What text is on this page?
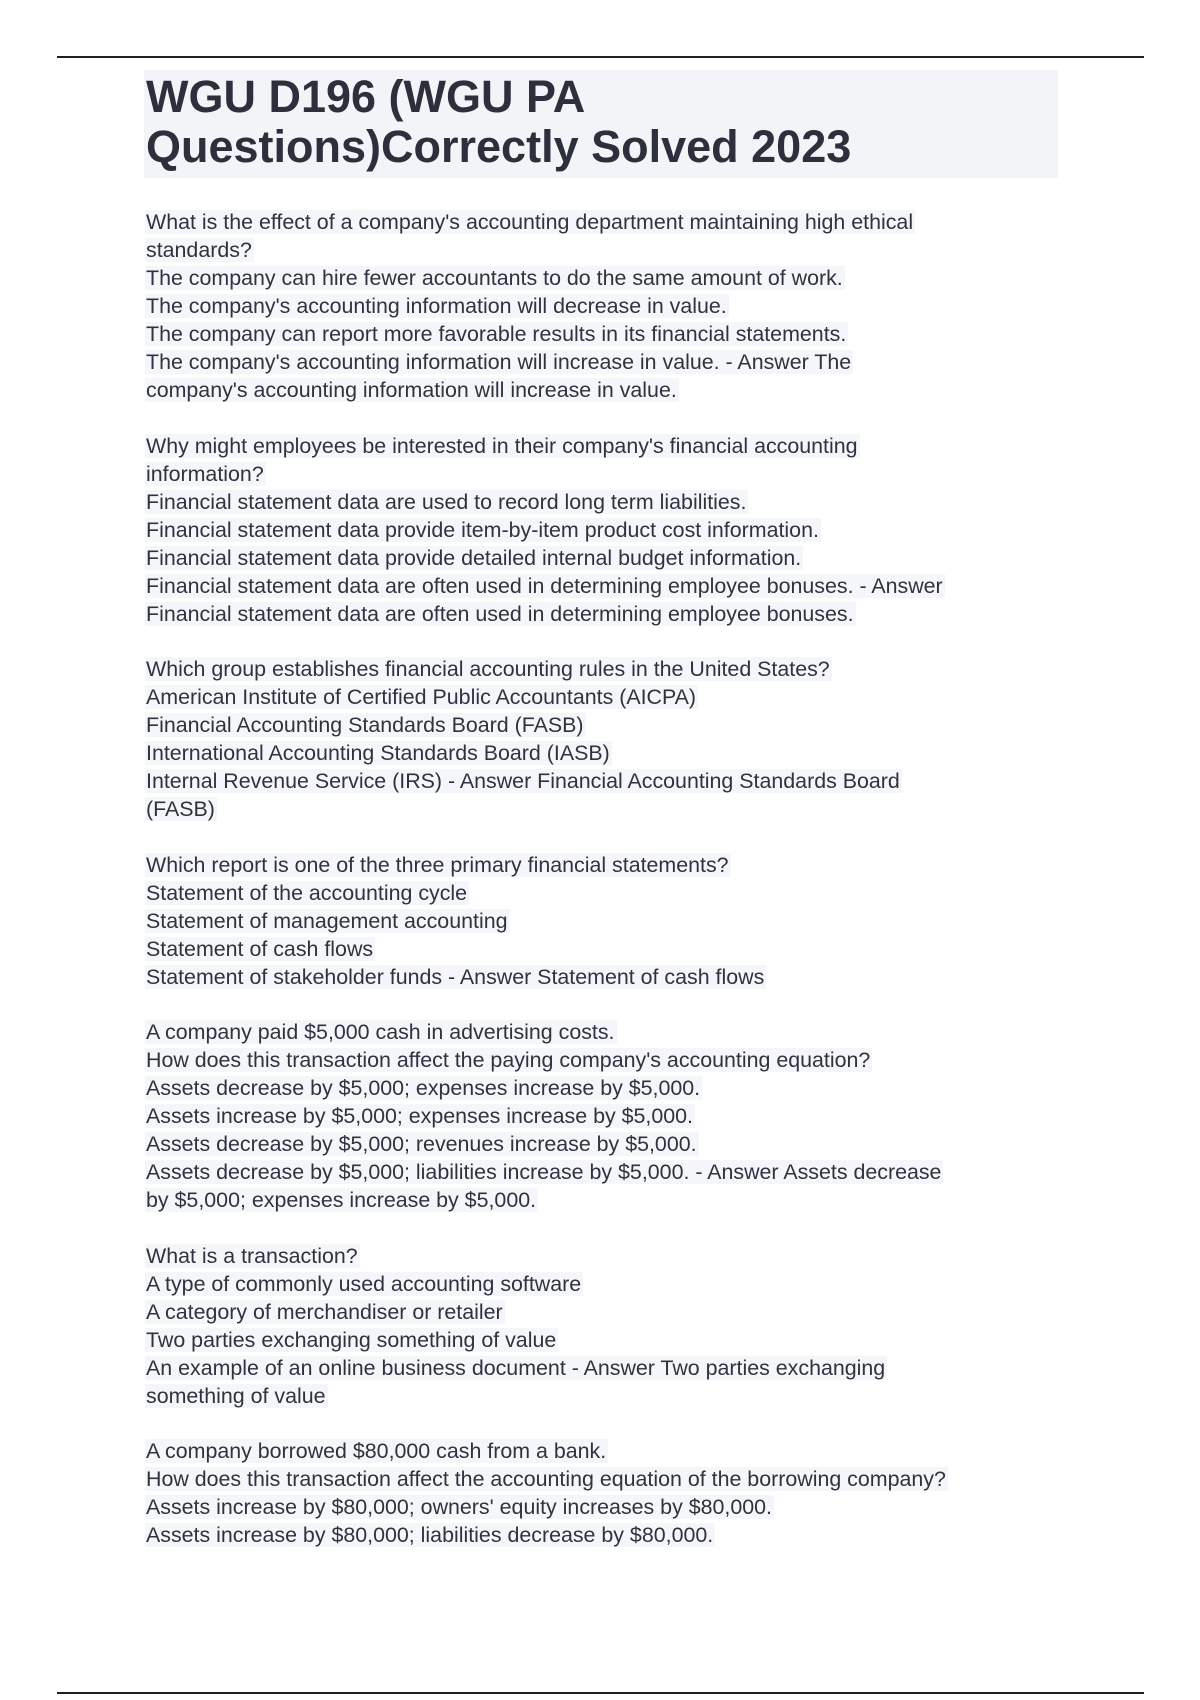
WGU D196 (WGU PA
Questions)Correctly Solved 2023
What is the effect of a company's accounting department maintaining high ethical
standards?
The company can hire fewer accountants to do the same amount of work.
The company's accounting information will decrease in value.
The company can report more favorable results in its financial statements.
The company's accounting information will increase in value. - Answer The
company's accounting information will increase in value.
Why might employees be interested in their company's financial accounting
information?
Financial statement data are used to record long term liabilities.
Financial statement data provide item-by-item product cost information.
Financial statement data provide detailed internal budget information.
Financial statement data are often used in determining employee bonuses. - Answer
Financial statement data are often used in determining employee bonuses.
Which group establishes financial accounting rules in the United States?
American Institute of Certified Public Accountants (AICPA)
Financial Accounting Standards Board (FASB)
International Accounting Standards Board (IASB)
Internal Revenue Service (IRS) - Answer Financial Accounting Standards Board
(FASB)
Which report is one of the three primary financial statements?
Statement of the accounting cycle
Statement of management accounting
Statement of cash flows
Statement of stakeholder funds - Answer Statement of cash flows
A company paid $5,000 cash in advertising costs.
How does this transaction affect the paying company's accounting equation?
Assets decrease by $5,000; expenses increase by $5,000.
Assets increase by $5,000; expenses increase by $5,000.
Assets decrease by $5,000; revenues increase by $5,000.
Assets decrease by $5,000; liabilities increase by $5,000. - Answer Assets decrease
by $5,000; expenses increase by $5,000.
What is a transaction?
A type of commonly used accounting software
A category of merchandiser or retailer
Two parties exchanging something of value
An example of an online business document - Answer Two parties exchanging
something of value
A company borrowed $80,000 cash from a bank.
How does this transaction affect the accounting equation of the borrowing company?
Assets increase by $80,000; owners' equity increases by $80,000.
Assets increase by $80,000; liabilities decrease by $80,000.
